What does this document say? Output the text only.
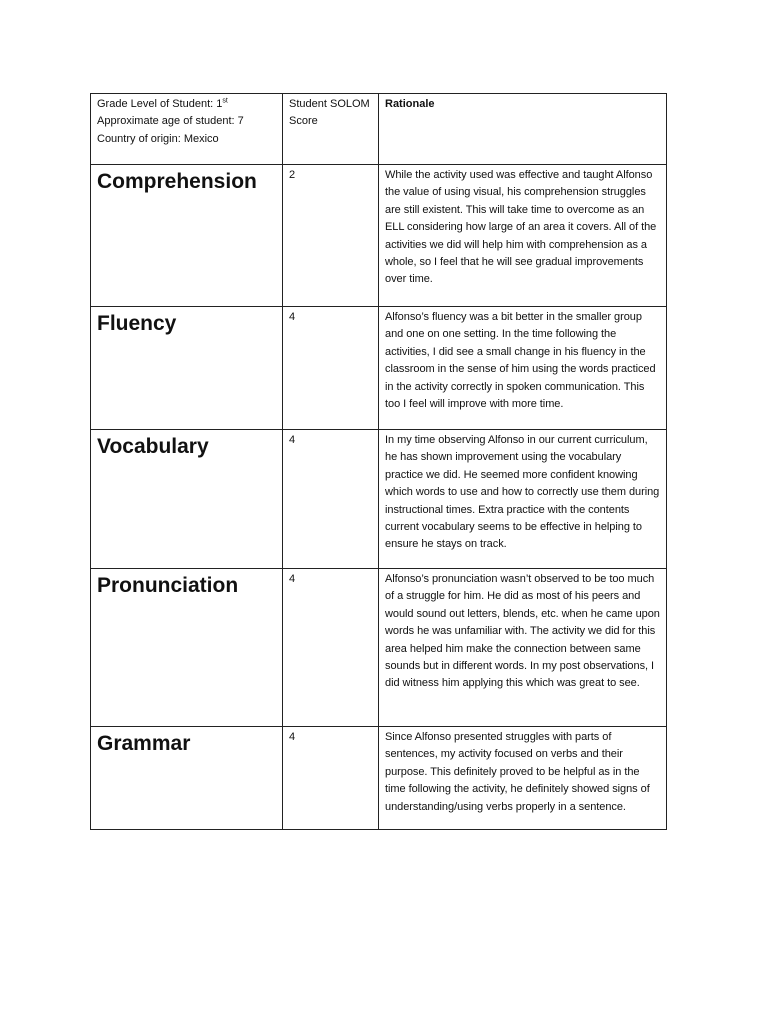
Grade Level of Student: 1st
Approximate age of student: 7
Country of origin: Mexico	Student SOLOM Score	Rationale

Comprehension	2	While the activity used was effective and taught Alfonso the value of using visual, his comprehension struggles are still existent. This will take time to overcome as an ELL considering how large of an area it covers. All of the activities we did will help him with comprehension as a whole, so I feel that he will see gradual improvements over time.

Fluency	4	Alfonso’s fluency was a bit better in the smaller group and one on one setting. In the time following the activities, I did see a small change in his fluency in the classroom in the sense of him using the words practiced in the activity correctly in spoken communication. This too I feel will improve with more time.

Vocabulary	4	In my time observing Alfonso in our current curriculum, he has shown improvement using the vocabulary practice we did. He seemed more confident knowing which words to use and how to correctly use them during instructional times. Extra practice with the contents current vocabulary seems to be effective in helping to ensure he stays on track.

Pronunciation	4	Alfonso’s pronunciation wasn’t observed to be too much of a struggle for him. He did as most of his peers and would sound out letters, blends, etc. when he came upon words he was unfamiliar with. The activity we did for this area helped him make the connection between same sounds but in different words. In my post observations, I did witness him applying this which was great to see.

Grammar	4	Since Alfonso presented struggles with parts of sentences, my activity focused on verbs and their purpose. This definitely proved to be helpful as in the time following the activity, he definitely showed signs of understanding/using verbs properly in a sentence.
